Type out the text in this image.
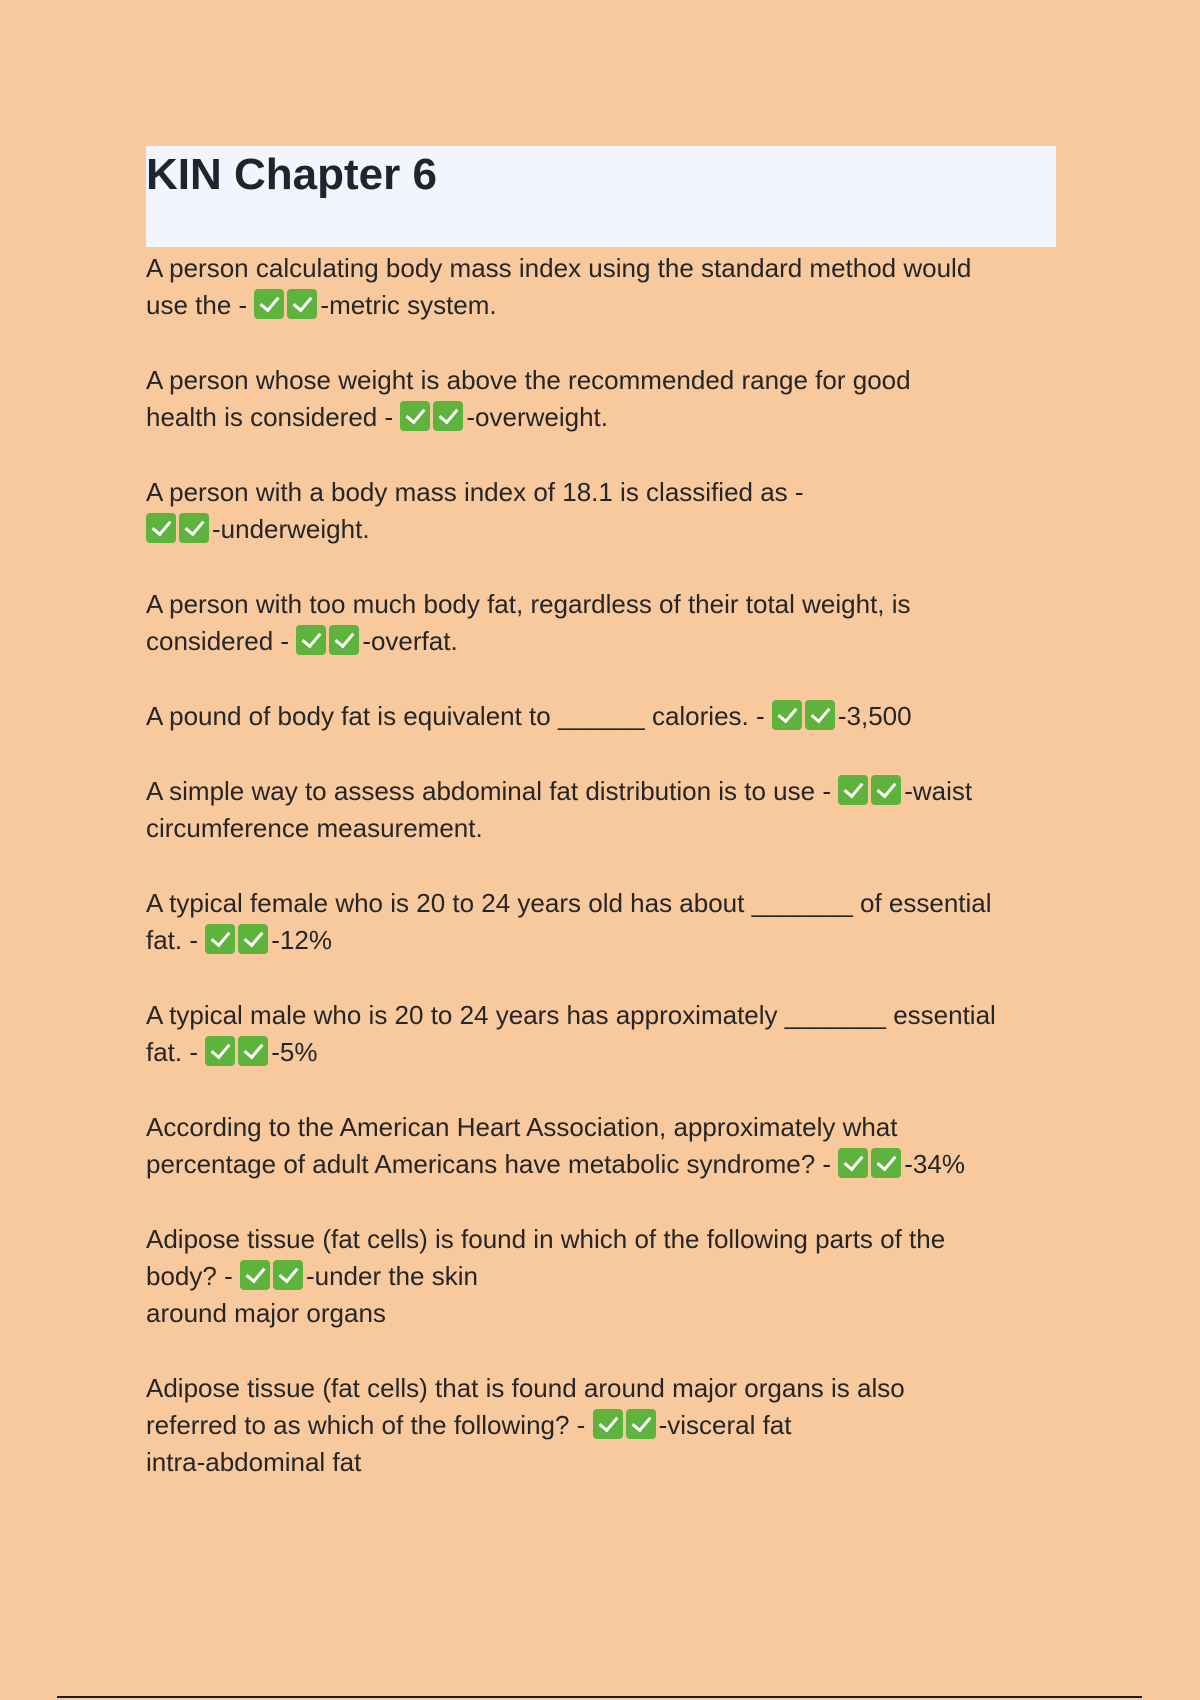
KIN Chapter 6
A person calculating body mass index using the standard method would
use the -	-metric system.
A person whose weight is above the recommended range for good
health is considered -	-overweight.
A person with a body mass index of 18.1 is classified as -
-underweight.
A person with too much body fat, regardless of their total weight, is
considered -	-overfat.
A pound of body fat is equivalent to ______ calories. -	-3,500
A simple way to assess abdominal fat distribution is to use -	-waist
circumference measurement.
A typical female who is 20 to 24 years old has about _______ of essential
fat. -	-12%
A typical male who is 20 to 24 years has approximately _______ essential
fat. -	-5%
According to the American Heart Association, approximately what
percentage of adult Americans have metabolic syndrome? -	-34%
Adipose tissue (fat cells) is found in which of the following parts of the
body? -	-under the skin
around major organs
Adipose tissue (fat cells) that is found around major organs is also
referred to as which of the following? -	-visceral fat
intra-abdominal fat
